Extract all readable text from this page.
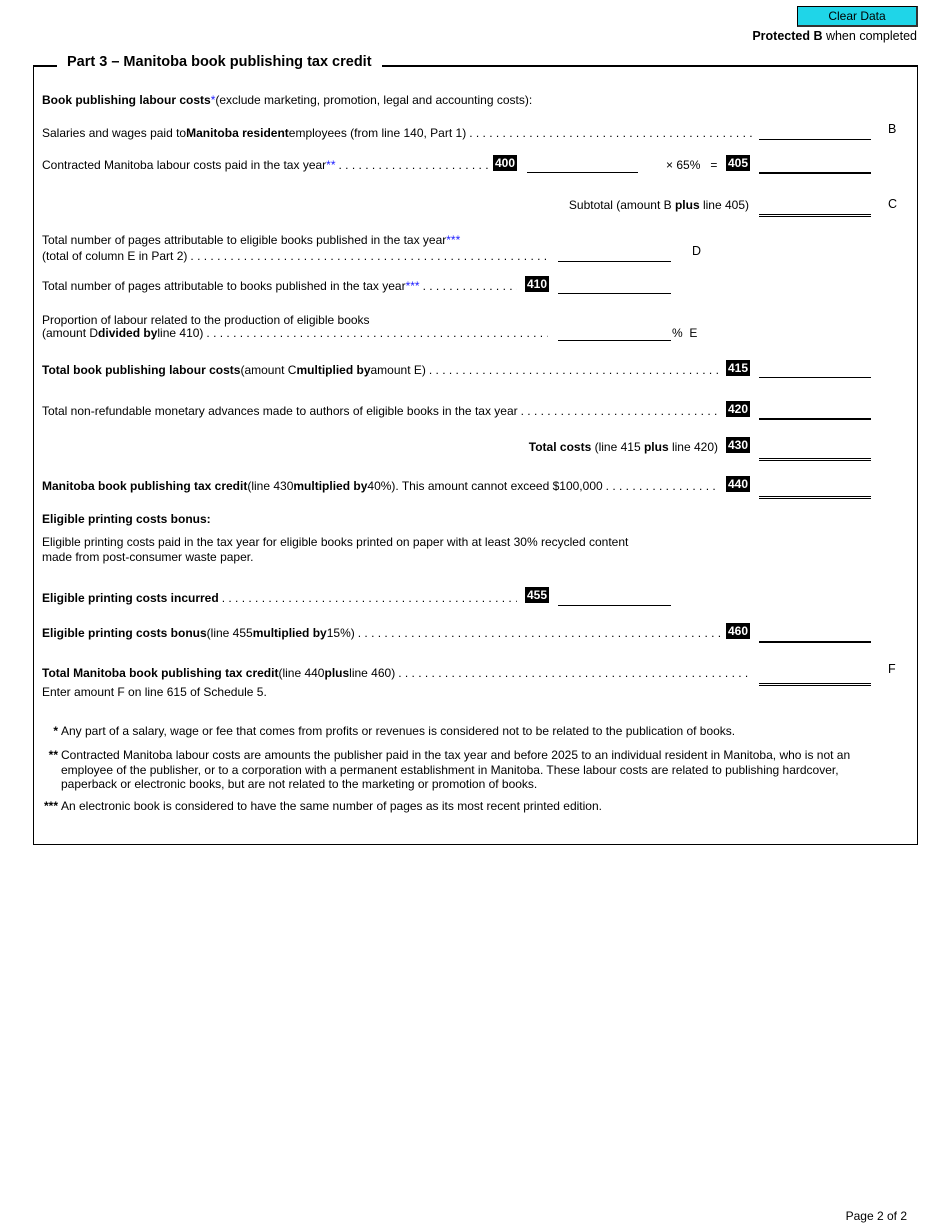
Clear Data
Protected B when completed
Part 3 – Manitoba book publishing tax credit
Book publishing labour costs * (exclude marketing, promotion, legal and accounting costs):
Salaries and wages paid to Manitoba resident employees (from line 140, Part 1) . . .	B
Contracted Manitoba labour costs paid in the tax year ** . . .	400	× 65%   = 405
Subtotal (amount B plus line 405)	C
Total number of pages attributable to eligible books published in the tax year ***
(total of column E in Part 2) . . .	D
Total number of pages attributable to books published in the tax year *** . . .	410
Proportion of labour related to the production of eligible books
(amount D divided by line 410) . . .	%  E
Total book publishing labour costs (amount C multiplied by amount E) . . .	415
Total non-refundable monetary advances made to authors of eligible books in the tax year . . .	420
Total costs (line 415 plus line 420) 430
Manitoba book publishing tax credit (line 430 multiplied by 40%). This amount cannot exceed $100,000 . . .	440
Eligible printing costs bonus:
Eligible printing costs paid in the tax year for eligible books printed on paper with at least 30% recycled content
made from post-consumer waste paper.
Eligible printing costs incurred . . .	455
Eligible printing costs bonus (line 455 multiplied by 15%) . . .	460
Total Manitoba book publishing tax credit (line 440 plus line 460) . . .	F
Enter amount F on line 615 of Schedule 5.
* Any part of a salary, wage or fee that comes from profits or revenues is considered not to be related to the publication of books.
** Contracted Manitoba labour costs are amounts the publisher paid in the tax year and before 2025 to an individual resident in Manitoba, who is not an employee of the publisher, or to a corporation with a permanent establishment in Manitoba. These labour costs are related to publishing hardcover, paperback or electronic books, but are not related to the marketing or promotion of books.
*** An electronic book is considered to have the same number of pages as its most recent printed edition.
Page 2 of 2
